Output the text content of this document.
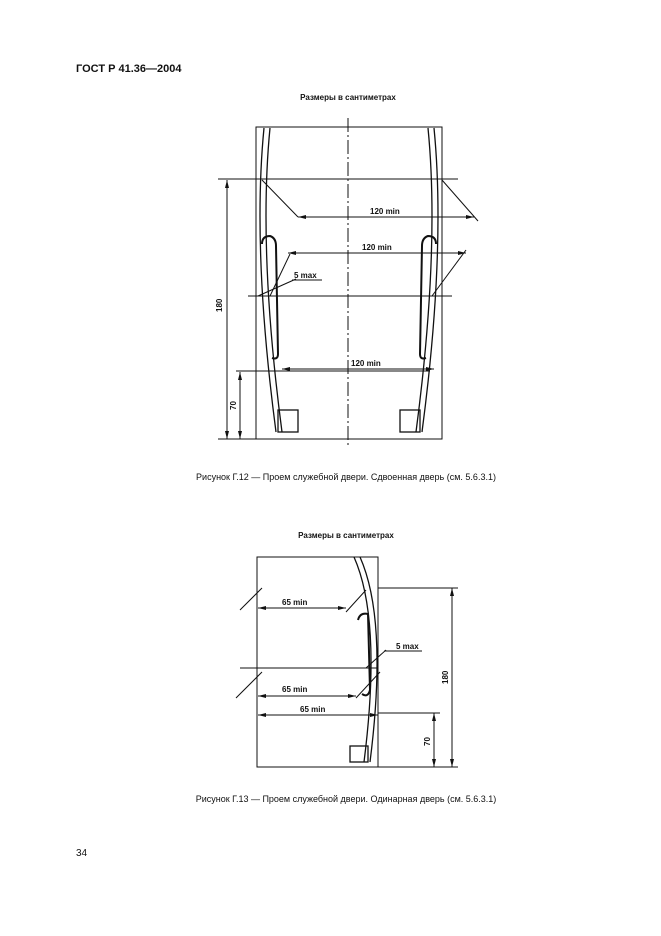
ГОСТ Р 41.36—2004
Размеры в сантиметрах
120 min
120 min
120 min
5 max
180
70
Рисунок Г.12 — Проем служебной двери. Сдвоенная дверь (см. 5.6.3.1)
Размеры в сантиметрах
65 min
65 min
65 min
5 max
180
70
Рисунок Г.13 — Проем служебной двери. Одинарная дверь (см. 5.6.3.1)
34
